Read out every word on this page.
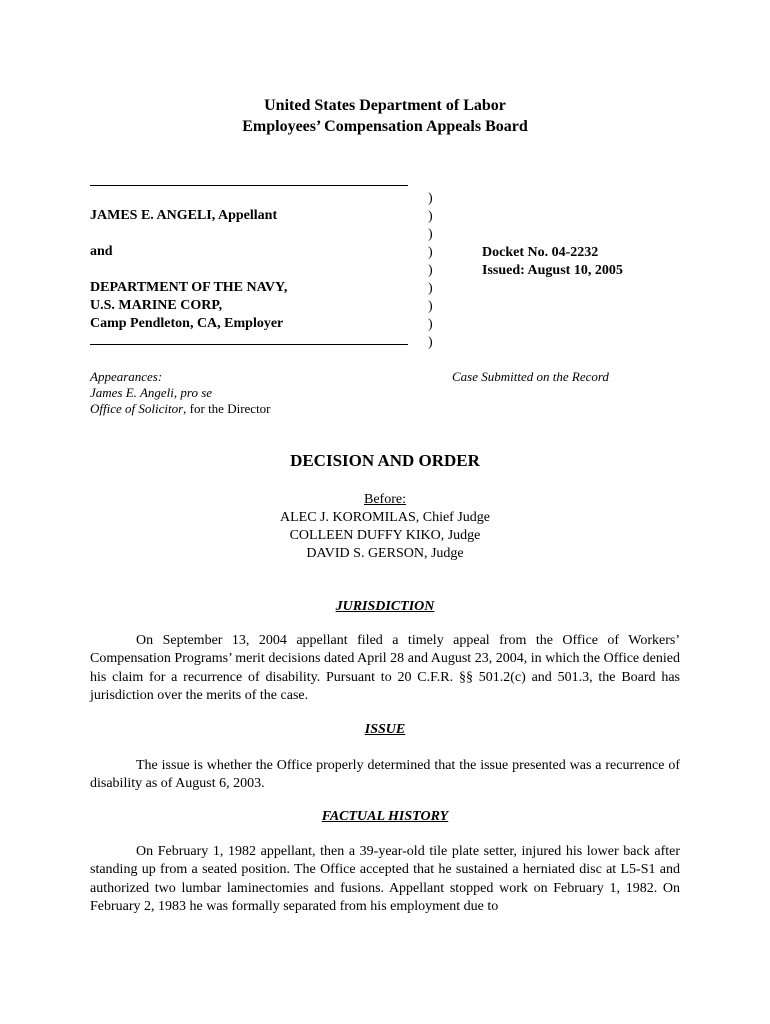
United States Department of Labor
Employees’ Compensation Appeals Board
JAMES E. ANGELI, Appellant
and
DEPARTMENT OF THE NAVY,
U.S. MARINE CORP,
Camp Pendleton, CA, Employer
)
)
)
)
)
)
)
)
)
Docket No. 04-2232
Issued: August 10, 2005
Appearances:
James E. Angeli, pro se
Office of Solicitor, for the Director
Case Submitted on the Record
DECISION AND ORDER
Before:
ALEC J. KOROMILAS, Chief Judge
COLLEEN DUFFY KIKO, Judge
DAVID S. GERSON, Judge
JURISDICTION
On September 13, 2004 appellant filed a timely appeal from the Office of Workers’ Compensation Programs’ merit decisions dated April 28 and August 23, 2004, in which the Office denied his claim for a recurrence of disability. Pursuant to 20 C.F.R. §§ 501.2(c) and 501.3, the Board has jurisdiction over the merits of the case.
ISSUE
The issue is whether the Office properly determined that the issue presented was a recurrence of disability as of August 6, 2003.
FACTUAL HISTORY
On February 1, 1982 appellant, then a 39-year-old tile plate setter, injured his lower back after standing up from a seated position. The Office accepted that he sustained a herniated disc at L5-S1 and authorized two lumbar laminectomies and fusions. Appellant stopped work on February 1, 1982. On February 2, 1983 he was formally separated from his employment due to
